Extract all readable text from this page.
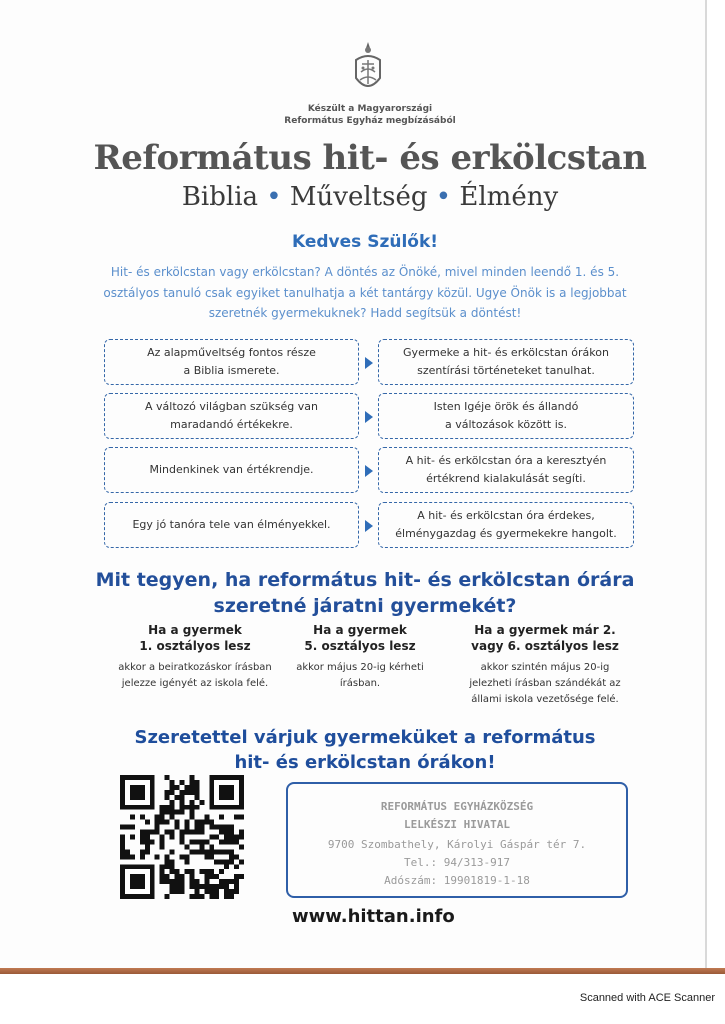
Készült a Magyarországi
Református Egyház megbízásából
Református hit- és erkölcstan
Biblia • Műveltség • Élmény
Kedves Szülők!
Hit- és erkölcstan vagy erkölcstan? A döntés az Önöké, mivel minden leendő 1. és 5.
osztályos tanuló csak egyiket tanulhatja a két tantárgy közül. Ugye Önök is a legjobbat
szeretnék gyermekuknek? Hadd segítsük a döntést!
Az alapműveltség fontos része
a Biblia ismerete.
Gyermeke a hit- és erkölcstan órákon
szentírási történeteket tanulhat.
A változó világban szükség van
maradandó értékekre.
Isten Igéje örök és állandó
a változások között is.
Mindenkinek van értékrendje.
A hit- és erkölcstan óra a keresztyén
értékrend kialakulását segíti.
Egy jó tanóra tele van élményekkel.
A hit- és erkölcstan óra érdekes,
élménygazdag és gyermekekre hangolt.
Mit tegyen, ha református hit- és erkölcstan órára
szeretné járatni gyermekét?
Ha a gyermek
1. osztályos lesz
akkor a beiratkozáskor írásban
jelezze igényét az iskola felé.
Ha a gyermek
5. osztályos lesz
akkor május 20-ig kérheti
írásban.
Ha a gyermek már 2.
vagy 6. osztályos lesz
akkor szintén május 20-ig
jelezheti írásban szándékát az
állami iskola vezetősége felé.
Szeretettel várjuk gyermeküket a református
hit- és erkölcstan órákon!
REFORMÁTUS EGYHÁZKÖZSÉG
LELKÉSZI HIVATAL
9700 Szombathely, Károlyi Gáspár tér 7.
Tel.: 94/313-917
Adószám: 19901819-1-18
www.hittan.info
Scanned with ACE Scanner
